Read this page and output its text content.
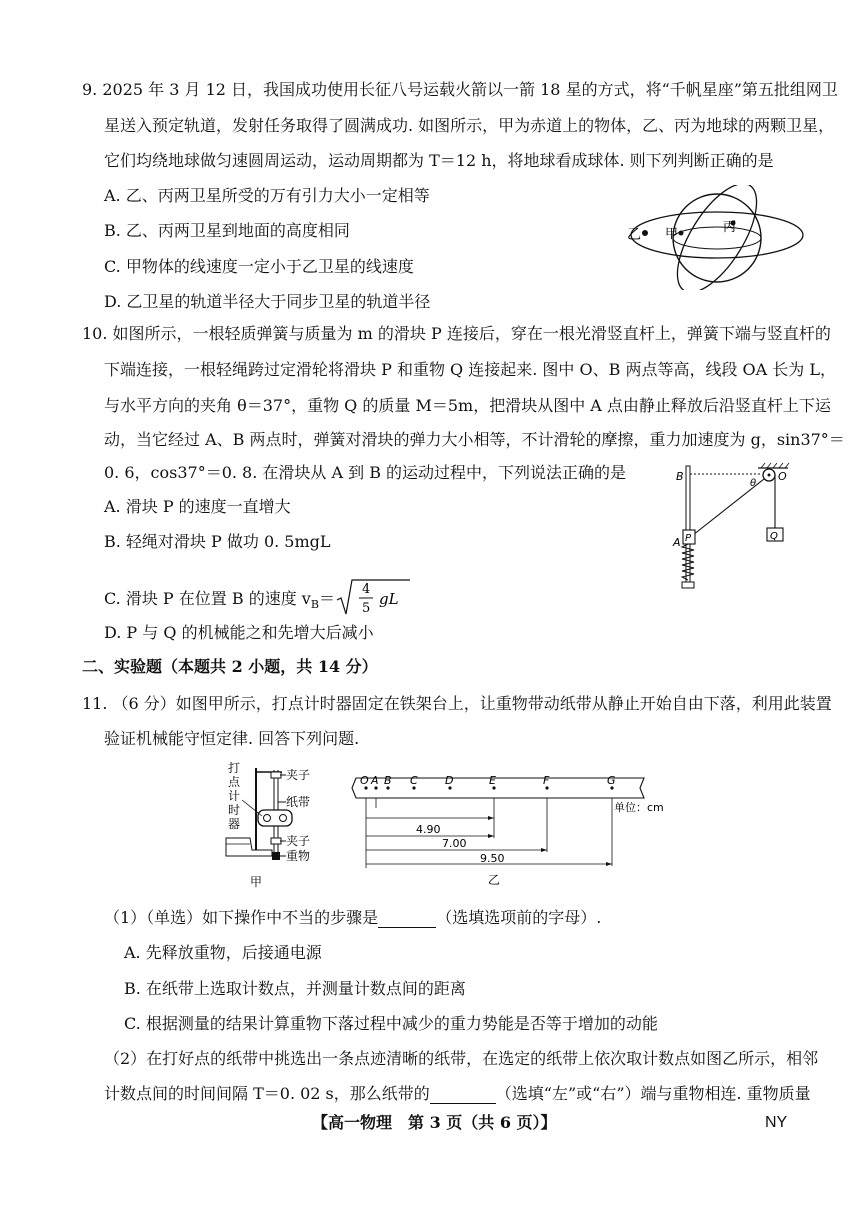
9. 2025 年 3 月 12 日，我国成功使用长征八号运载火箭以一箭 18 星的方式，将“千帆星座”第五批组网卫
星送入预定轨道，发射任务取得了圆满成功. 如图所示，甲为赤道上的物体，乙、丙为地球的两颗卫星，
它们均绕地球做匀速圆周运动，运动周期都为 T＝12 h，将地球看成球体. 则下列判断正确的是
A. 乙、丙两卫星所受的万有引力大小一定相等
B. 乙、丙两卫星到地面的高度相同
C. 甲物体的线速度一定小于乙卫星的线速度
D. 乙卫星的轨道半径大于同步卫星的轨道半径
乙 甲	丙
10. 如图所示，一根轻质弹簧与质量为 m 的滑块 P 连接后，穿在一根光滑竖直杆上，弹簧下端与竖直杆的
下端连接，一根轻绳跨过定滑轮将滑块 P 和重物 Q 连接起来. 图中 O、B 两点等高，线段 OA 长为 L，
与水平方向的夹角 θ＝37°，重物 Q 的质量 M＝5m，把滑块从图中 A 点由静止释放后沿竖直杆上下运
动，当它经过 A、B 两点时，弹簧对滑块的弹力大小相等，不计滑轮的摩擦，重力加速度为 g，sin37°＝
0. 6，cos37°＝0. 8. 在滑块从 A 到 B 的运动过程中，下列说法正确的是
A. 滑块 P 的速度一直增大
B. 轻绳对滑块 P 做功 0. 5mgL
C. 滑块 P 在位置 B 的速度 $v_B= 4$
5
gL
D. P 与 Q 的机械能之和先增大后减小
B	O
θ
A P	Q
二、实验题（本题共 2 小题，共 14 分）
11. （6 分）如图甲所示，打点计时器固定在铁架台上，让重物带动纸带从静止开始自由下落，利用此装置
验证机械能守恒定律. 回答下列问题.
打
点
计
时
器
夹子
纸带
夹子
重物
甲
O A B C D	E	F	G
单位：cm
4.90
7.00
9.50
乙
（1）（单选）如下操作中不当的步骤是	（选填选项前的字母）.
A. 先释放重物，后接通电源
B. 在纸带上选取计数点，并测量计数点间的距离
C. 根据测量的结果计算重物下落过程中减少的重力势能是否等于增加的动能
（2）在打好点的纸带中挑选出一条点迹清晰的纸带，在选定的纸带上依次取计数点如图乙所示，相邻
计数点间的时间间隔 T＝0. 02 s，那么纸带的	（选填“左”或“右”）端与重物相连. 重物质量
【高一物理　第 3 页（共 6 页）】	NY
